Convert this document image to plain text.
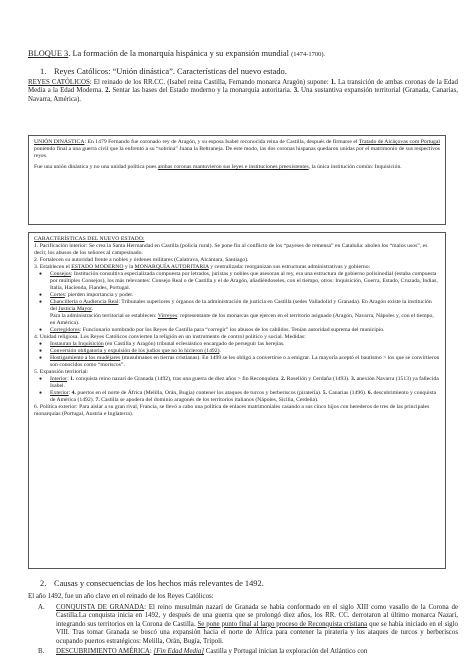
BLOQUE 3. La formación de la monarquía hispánica y su expansión mundial (1474-1700).
1. Reyes Católicos: “Unión dinástica”. Características del nuevo estado.
REYES CATÓLICOS: El reinado de los RR.CC. (Isabel reina Castilla, Fernando monarca Aragón) supone: 1. La transición de ambas coronas de la Edad Media a la Edad Moderna. 2. Sentar las bases del Estado moderno y la monarquía autoritaria. 3. Una sustantiva expansión territorial (Granada, Canarias, Navarra, América).

UNIÓN DINÁSTICA: En 1479 Fernando fue coronado rey de Aragón, y su esposa Isabel reconocida reina de Castilla, después de firmarse el Tratado de Alcáçovas com Portugal poniendo final a una guerra civil que la enfrentó a su “sobrina” Juana la Beltraneja. De este modo, las dos coronas hispanas quedaron unidas por el matrimonio de sus respectivos reyes.

Fue una unión dinástica y no una unidad política pues ambas coronas mantuvieron sus leyes e instituciones preexistentes, la única institución común: Inquisición.

CARACTERÍSTICAS DEL NUEVO ESTADO:

1. Pacificación interior: Se crea la Santa Hermandad en Castilla (policía rural). Se pone fin al conflicto de los “payeses de remensa” en Cataluña: abolen los “malos usos”, es decir, los abusos de los señores al campesinado.

2. Fortalecen su autoridad frente a nobles y órdenes militares (Calatrava, Alcántara, Santiago).

3. Establecen el ESTADO MODERNO y la MONARQUÍA AUTORITARIA y centralizada: reorganizan sus estructuras administrativas y gobierno:

● Consejos: Institución consultiva especializada compuesta por letrados, juristas y nobles que asesoran al rey, era una estructura de gobierno polisinodial (estaba compuesta por múltiples Consejos), los más relevantes: Consejo Real o de Castilla y el de Aragón, añadiéndoseles, con el tiempo, otros: Inquisición, Guerra, Estado, Cruzada, Indias, Italia, Hacienda, Flandes, Portugal.
● Cortes: pierden importancia y poder.
● Chancillería o Audiencia Real: Tribunales superiores y órganos de la administración de justicia en Castilla (sedes Valladolid y Granada). En Aragón existe la institución del Justicia Mayor.

Para la administración territorial se establecen: Virreyes: representante de los monarcas que ejercen en el territorio asignado (Aragón, Navarra, Nápoles y, con el tiempo, en América).

● Corregidores: Funcionario nombrado por los Reyes de Castilla para “corregir” los abusos de los cabildos. Tenían autoridad suprema del municipio.

4. Unidad religiosa. Los Reyes Católicos convierten la religión en un instrumento de control político y social. Medidas:

● Instauran la Inquisición (en Castilla y Aragón) tribunal eclesiástico encargado de perseguir las herejías.
● Conversión obligatoria y expulsión de los judíos que no lo hicieron (1492).
● Hostigamiento a los mudéjares (musulmanes en tierras cristianas). En 1499 se les obligó a convertirse o a emigrar. La mayoría aceptó el bautismo > los que se convirtieron son conocidos como “moriscos”.

5. Expansión territorial:

● Interior: 1. conquista reino nazarí de Granada (1492), tras una guerra de diez años > fin Reconquista. 2. Rosellón y Cerdaña (1493). 3. anexión Navarra (1513) ya fallecida Isabel.
● Exterior: 4. puertos en el norte de África (Melilla, Orán, Bugía) contener los ataques de turcos y berberiscos (piratería). 5. Canarias (1496). 6. descubrimiento y conquista de América (1492). 7. Castilla se apodera del dominio aragonés de los territorios italianos (Nápoles, Sicilia, Cerdeña).

6. Política exterior: Para aislar a su gran rival, Francia, se llevó a cabo una política de enlaces matrimoniales casando a sus cinco hijos con herederos de tres de las principales monarquías (Portugal, Austria e Inglaterra).

2. Causas y consecuencias de los hechos más relevantes de 1492.
El año 1492, fue un año clave en el reinado de los Reyes Católicos:
A. CONQUISTA DE GRANADA: El reino musulmán nazarí de Granada se había conformado en el siglo XIII como vasallo de la Corona de Castilla.La conquista inicia en 1492, y después de una guerra que se prolongó diez años, los RR. CC. derrotaron al último monarca Nazarí, integrando sus territorios en la Corona de Castilla. Se pone punto final al largo proceso de Reconquista cristiana que se había iniciado en el siglo VIII. Tras tomar Granada se buscó una expansión hacia el norte de África para contener la piratería y los ataques de turcos y berberiscos ocupando puertos estratégicos: Melilla, Orán, Bugía, Trípoli.
B. DESCUBRIMIENTO AMÉRICA: [Fin Edad Media] Castilla y Portugal inician la exploración del Atlántico con
